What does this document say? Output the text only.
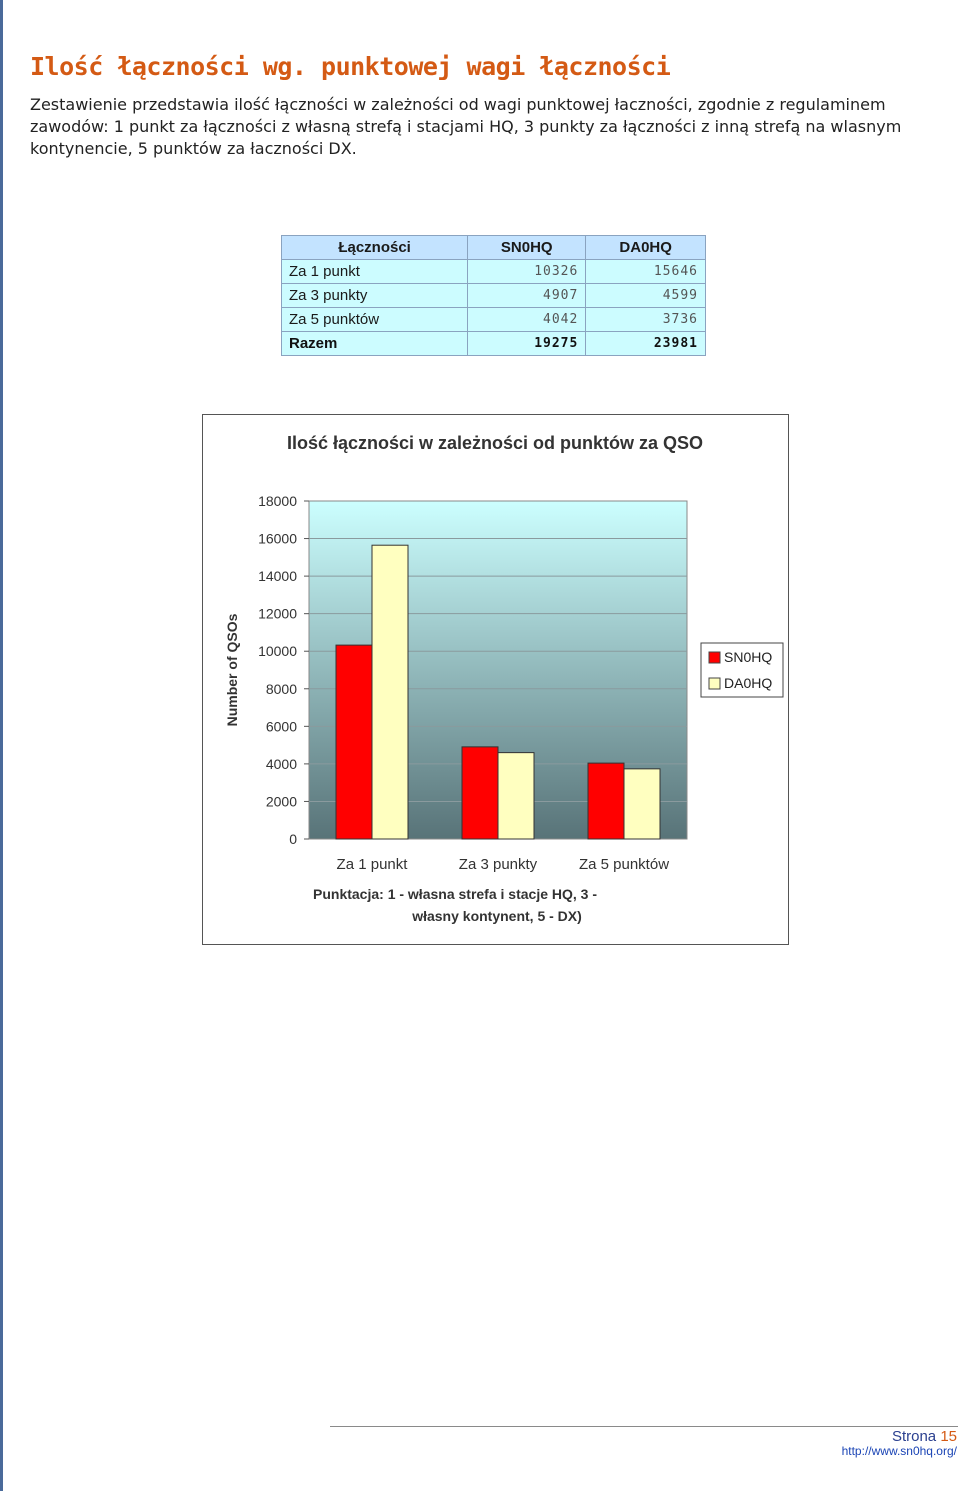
Ilość łączności wg. punktowej wagi łączności

Zestawienie przedstawia ilość łączności w zależności od wagi punktowej łaczności, zgodnie z regulaminem zawodów: 1 punkt za łączności z własną strefą i stacjami HQ, 3 punkty za łączności z inną strefą na wlasnym kontynencie, 5 punktów za łaczności DX.

Łączności	SN0HQ	DA0HQ
Za 1 punkt	10326	15646
Za 3 punkty	4907	4599
Za 5 punktów	4042	3736
Razem	19275	23981
Ilość łączności w zależności od punktów za QSO
0
2000
4000
6000
8000
10000
12000
14000
16000
18000
Number of QSOs
Za 1 punkt	Za 3 punkty	Za 5 punktów
Punktacja: 1 - własna strefa i stacje HQ, 3 -
własny kontynent, 5 - DX)
SN0HQ
DA0HQ
Strona 15
http://www.sn0hq.org/
